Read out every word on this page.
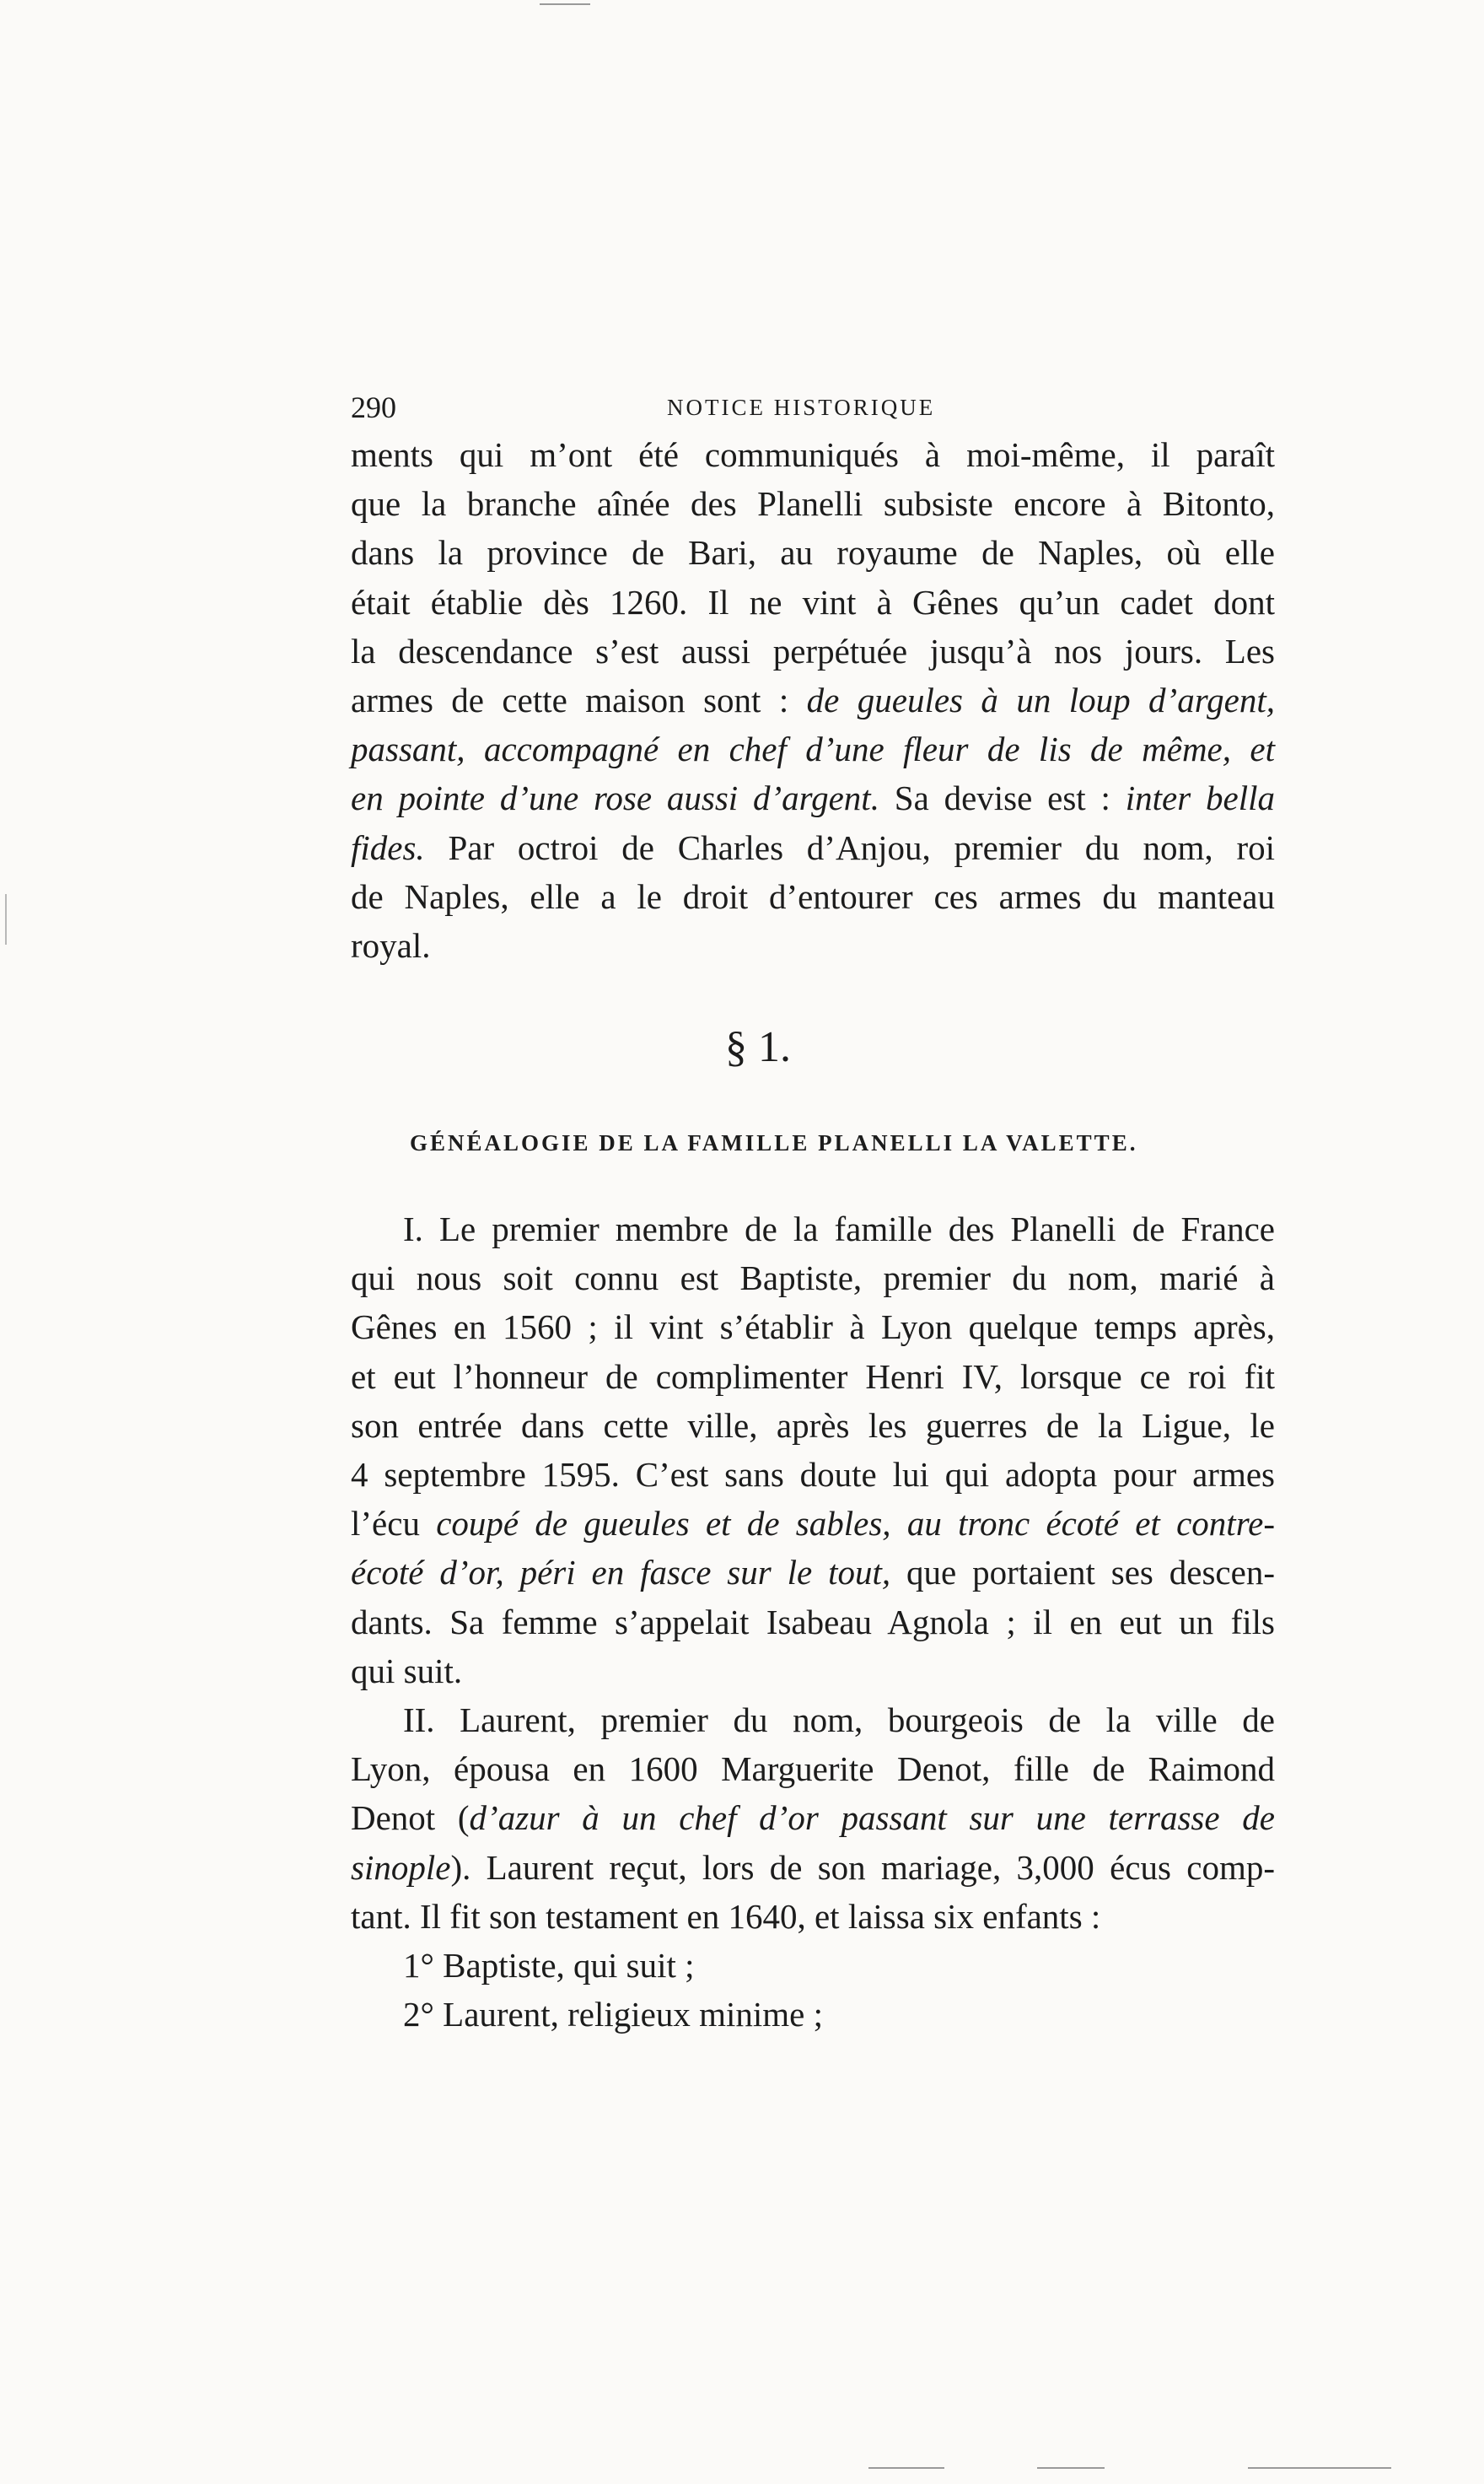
290	NOTICE HISTORIQUE
ments qui m’ont été communiqués à moi-même, il paraît
que la branche aînée des Planelli subsiste encore à Bitonto,
dans la province de Bari, au royaume de Naples, où elle
était établie dès 1260. Il ne vint à Gênes qu’un cadet dont
la descendance s’est aussi perpétuée jusqu’à nos jours. Les
armes de cette maison sont : de gueules à un loup d’argent,
passant, accompagné en chef d’une fleur de lis de même, et
en pointe d’une rose aussi d’argent. Sa devise est : inter bella
fides. Par octroi de Charles d’Anjou, premier du nom, roi
de Naples, elle a le droit d’entourer ces armes du manteau
royal.
§ 1.
GÉNÉALOGIE DE LA FAMILLE PLANELLI LA VALETTE.
I. Le premier membre de la famille des Planelli de France
qui nous soit connu est Baptiste, premier du nom, marié à
Gênes en 1560 ; il vint s’établir à Lyon quelque temps après,
et eut l’honneur de complimenter Henri IV, lorsque ce roi fit
son entrée dans cette ville, après les guerres de la Ligue, le
4 septembre 1595. C’est sans doute lui qui adopta pour armes
l’écu coupé de gueules et de sables, au tronc écoté et contre-
écoté d’or, péri en fasce sur le tout, que portaient ses descen-
dants. Sa femme s’appelait Isabeau Agnola ; il en eut un fils
qui suit.
II. Laurent, premier du nom, bourgeois de la ville de
Lyon, épousa en 1600 Marguerite Denot, fille de Raimond
Denot (d’azur à un chef d’or passant sur une terrasse de
sinople). Laurent reçut, lors de son mariage, 3,000 écus comp-
tant. Il fit son testament en 1640, et laissa six enfants :
1° Baptiste, qui suit ;
2° Laurent, religieux minime ;
